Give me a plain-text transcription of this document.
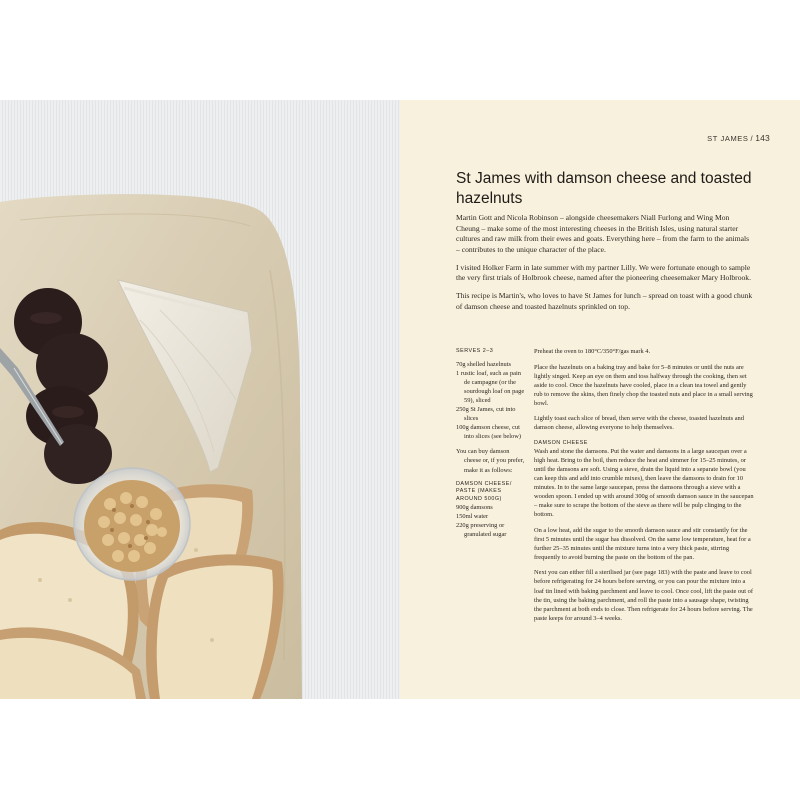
ST JAMES / 143
St James with damson cheese and toasted hazelnuts

Martin Gott and Nicola Robinson – alongside cheesemakers Niall Furlong and Wing Mon Cheung – make some of the most interesting cheeses in the British Isles, using natural starter cultures and raw milk from their ewes and goats. Everything here – from the farm to the animals – contributes to the unique character of the place.

I visited Holker Farm in late summer with my partner Lilly. We were fortunate enough to sample the very first trials of Holbrook cheese, named after the pioneering cheesemaker Mary Holbrook.

This recipe is Martin's, who loves to have St James for lunch – spread on toast with a good chunk of damson cheese and toasted hazelnuts sprinkled on top.

SERVES 2–3
70g shelled hazelnuts
1 rustic loaf, such as pain de campagne (or the sourdough loaf on page 59), sliced
250g St James, cut into slices
100g damson cheese, cut into slices (see below)
You can buy damson cheese or, if you prefer, make it as follows:
DAMSON CHEESE/ PASTE (MAKES AROUND 500G)
900g damsons
150ml water
220g preserving or granulated sugar

Preheat the oven to 180°C/350°F/gas mark 4.

Place the hazelnuts on a baking tray and bake for 5–8 minutes or until the nuts are lightly singed. Keep an eye on them and toss halfway through the cooking, then set aside to cool. Once the hazelnuts have cooled, place in a clean tea towel and gently rub to remove the skins, then finely chop the toasted nuts and place in a small serving bowl.

Lightly toast each slice of bread, then serve with the cheese, toasted hazelnuts and damson cheese, allowing everyone to help themselves.

DAMSON CHEESE

Wash and stone the damsons. Put the water and damsons in a large saucepan over a high heat. Bring to the boil, then reduce the heat and simmer for 15–25 minutes, or until the damsons are soft. Using a sieve, drain the liquid into a separate bowl (you can keep this and add into crumble mixes), then leave the damsons to drain for 10 minutes. In to the same large saucepan, press the damsons through a sieve with a wooden spoon. I ended up with around 300g of smooth damson sauce in the saucepan – make sure to scrape the bottom of the sieve as there will be pulp clinging to the bottom.

On a low heat, add the sugar to the smooth damson sauce and stir constantly for the first 5 minutes until the sugar has dissolved. On the same low temperature, heat for a further 25–35 minutes until the mixture turns into a very thick paste, stirring frequently to avoid burning the paste on the bottom of the pan.

Next you can either fill a sterilised jar (see page 183) with the paste and leave to cool before refrigerating for 24 hours before serving, or you can pour the mixture into a loaf tin lined with baking parchment and leave to cool. Once cool, lift the paste out of the tin, using the baking parchment, and roll the paste into a sausage shape, twisting the parchment at both ends to close. Then refrigerate for 24 hours before serving. The paste keeps for around 3–4 weeks.
